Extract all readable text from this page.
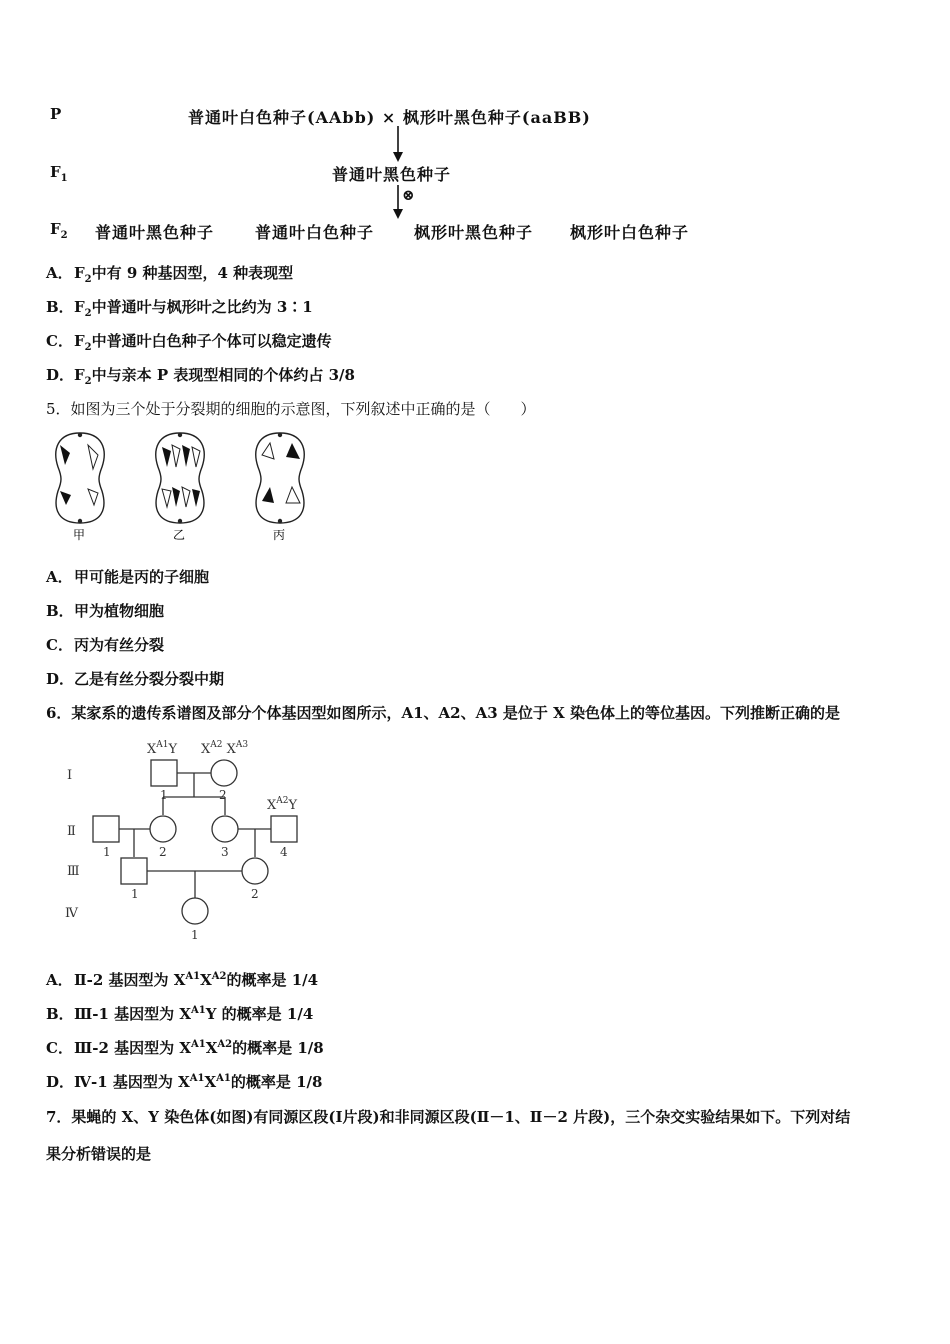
P
$F_1$
$F_2$
普通叶白色种子(AAbb) × 枫形叶黑色种子(aaBB)
普通叶黑色种子
⊗
普通叶黑色种子	普通叶白色种子 枫形叶黑色种子 枫形叶白色种子
A．$F_2$中有 9 种基因型，4 种表现型
B．$F_2$中普通叶与枫形叶之比约为 3∶1
C．$F_2$中普通叶白色种子个体可以稳定遗传
D．$F_2$中与亲本 P 表现型相同的个体约占 3/8
5．如图为三个处于分裂期的细胞的示意图，下列叙述中正确的是（　　）
甲	乙	丙
A．甲可能是丙的子细胞
B．甲为植物细胞
C．丙为有丝分裂
D．乙是有丝分裂分裂中期
6．某家系的遗传系谱图及部分个体基因型如图所示，A1、A2、A3 是位于 X 染色体上的等位基因。下列推断正确的是
Ⅰ
Ⅱ
Ⅲ
Ⅳ
$X^{A1}Y$ $X^{A2}$ $X^{A3}$
$X^{A2}Y$
1	2
1	2	3	4
1	2
1
A．Ⅱ-2 基因型为 $X^{A1}X^{A2}$的概率是 1/4
B．Ⅲ-1 基因型为 $X^{A1}Y$ 的概率是 1/4
C．Ⅲ-2 基因型为 $X^{A1}X^{A2}$的概率是 1/8
D．Ⅳ-1 基因型为 $X^{A1}X^{A1}$的概率是 1/8
7．果蝇的 X、Y 染色体(如图)有同源区段(Ⅰ片段)和非同源区段(Ⅱ－1、Ⅱ－2 片段)，三个杂交实验结果如下。下列对结
果分析错误的是
